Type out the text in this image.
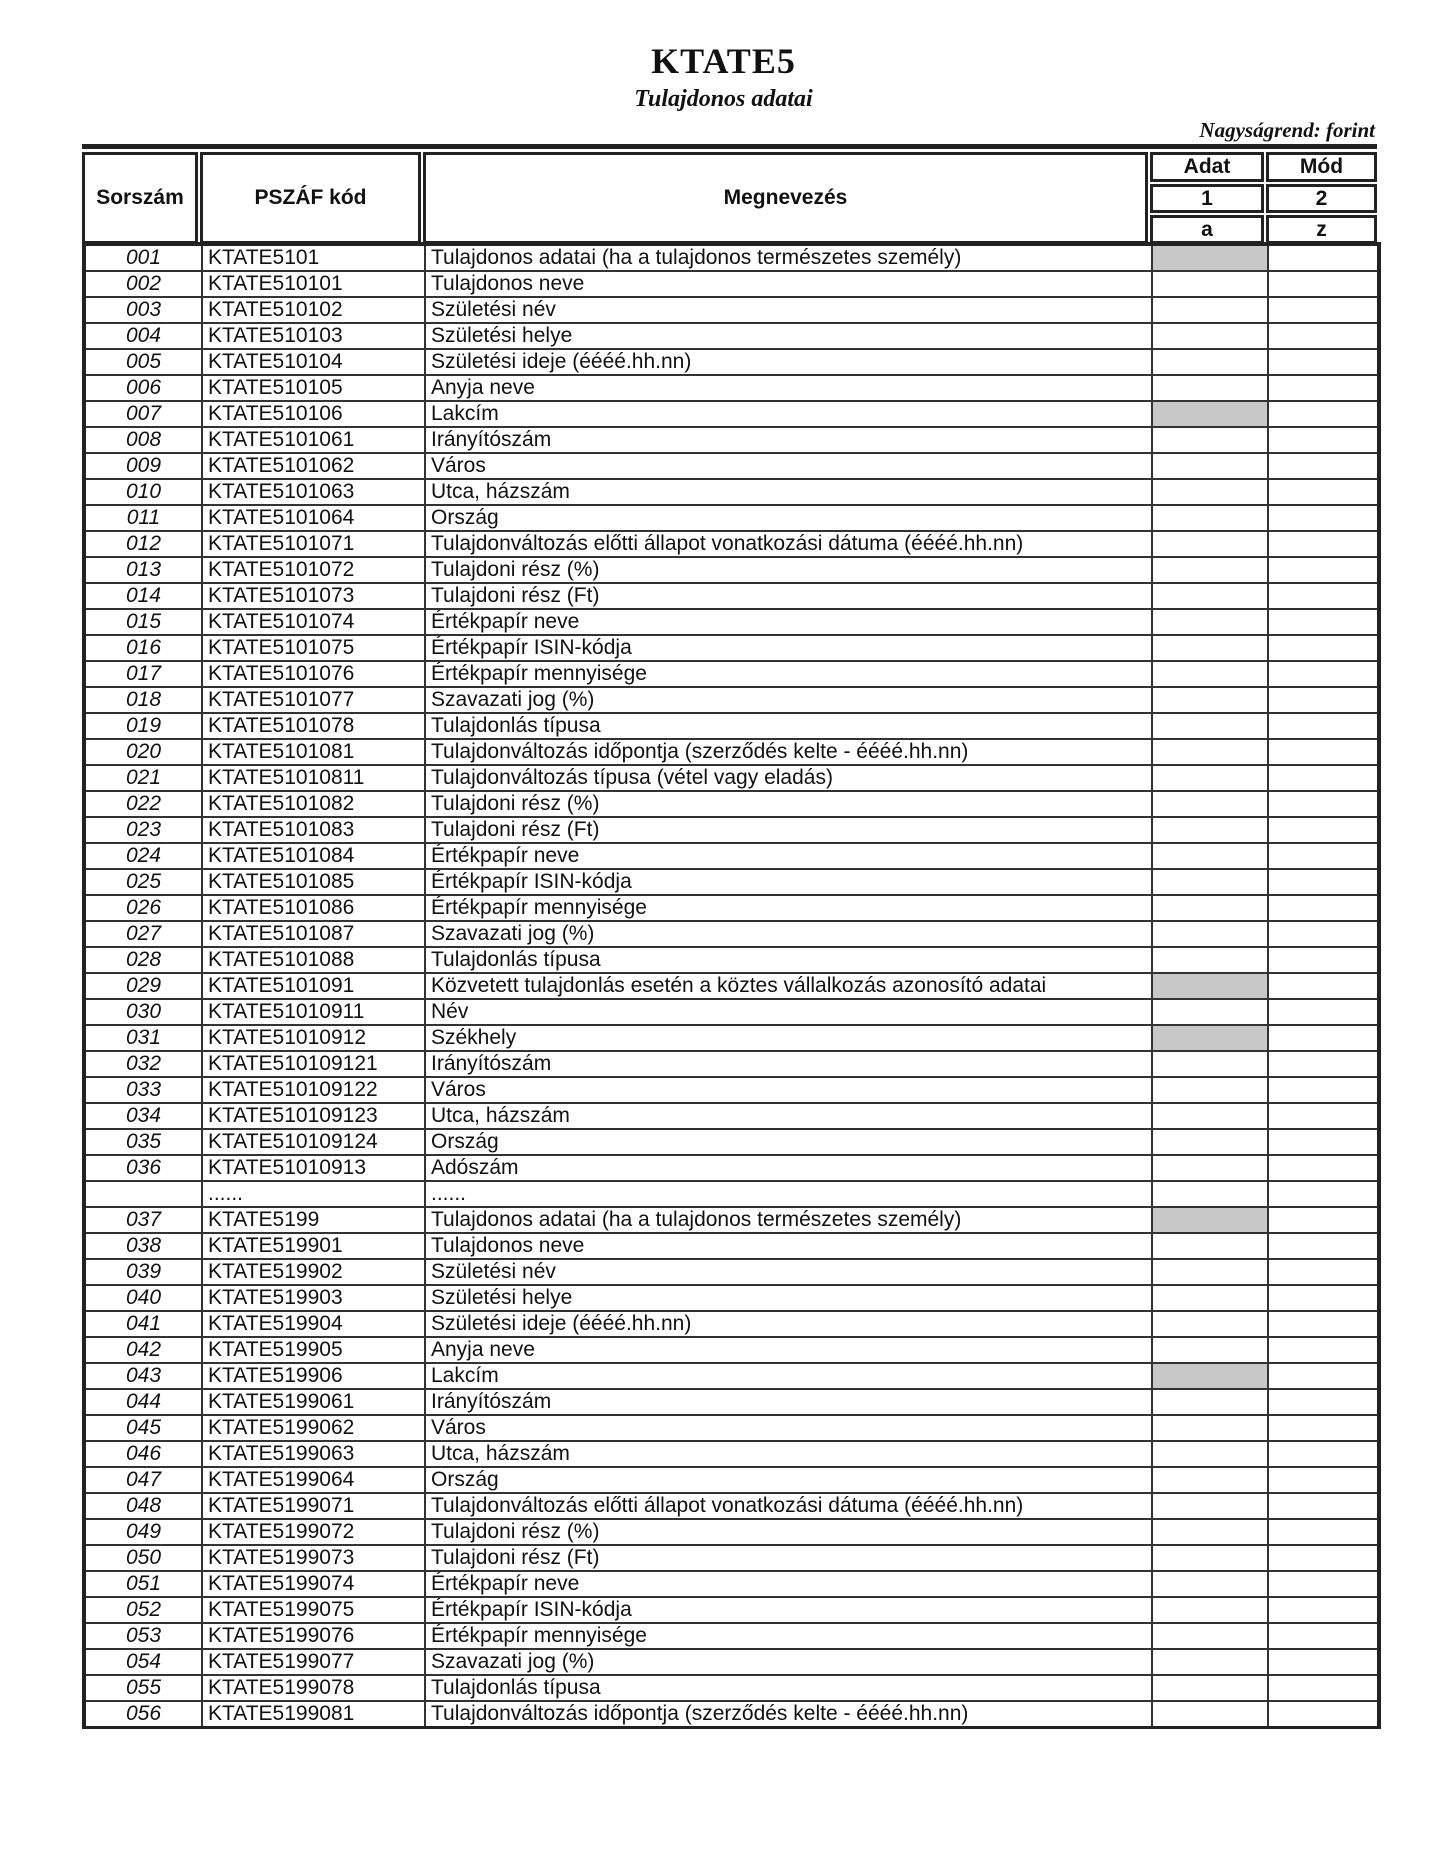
KTATE5
Tulajdonos adatai
Nagyságrend: forint
Sorszám	PSZÁF kód	Megnevezés
Adat	Mód
1	2
a	z
001	KTATE5101	Tulajdonos adatai (ha a tulajdonos természetes személy)		
002	KTATE510101	Tulajdonos neve		
003	KTATE510102	Születési név		
004	KTATE510103	Születési helye		
005	KTATE510104	Születési ideje (éééé.hh.nn)		
006	KTATE510105	Anyja neve		
007	KTATE510106	Lakcím		
008	KTATE5101061	Irányítószám		
009	KTATE5101062	Város		
010	KTATE5101063	Utca, házszám		
011	KTATE5101064	Ország		
012	KTATE5101071	Tulajdonváltozás előtti állapot vonatkozási dátuma (éééé.hh.nn)		
013	KTATE5101072	Tulajdoni rész (%)		
014	KTATE5101073	Tulajdoni rész (Ft)		
015	KTATE5101074	Értékpapír neve		
016	KTATE5101075	Értékpapír ISIN-kódja		
017	KTATE5101076	Értékpapír mennyisége		
018	KTATE5101077	Szavazati jog (%)		
019	KTATE5101078	Tulajdonlás típusa		
020	KTATE5101081	Tulajdonváltozás időpontja (szerződés kelte - éééé.hh.nn)		
021	KTATE51010811	Tulajdonváltozás típusa (vétel vagy eladás)		
022	KTATE5101082	Tulajdoni rész (%)		
023	KTATE5101083	Tulajdoni rész (Ft)		
024	KTATE5101084	Értékpapír neve		
025	KTATE5101085	Értékpapír ISIN-kódja		
026	KTATE5101086	Értékpapír mennyisége		
027	KTATE5101087	Szavazati jog (%)		
028	KTATE5101088	Tulajdonlás típusa		
029	KTATE5101091	Közvetett tulajdonlás esetén a köztes vállalkozás azonosító adatai		
030	KTATE51010911	Név		
031	KTATE51010912	Székhely		
032	KTATE510109121	Irányítószám		
033	KTATE510109122	Város		
034	KTATE510109123	Utca, házszám		
035	KTATE510109124	Ország		
036	KTATE51010913	Adószám		
	......	......		
037	KTATE5199	Tulajdonos adatai (ha a tulajdonos természetes személy)		
038	KTATE519901	Tulajdonos neve		
039	KTATE519902	Születési név		
040	KTATE519903	Születési helye		
041	KTATE519904	Születési ideje (éééé.hh.nn)		
042	KTATE519905	Anyja neve		
043	KTATE519906	Lakcím		
044	KTATE5199061	Irányítószám		
045	KTATE5199062	Város		
046	KTATE5199063	Utca, házszám		
047	KTATE5199064	Ország		
048	KTATE5199071	Tulajdonváltozás előtti állapot vonatkozási dátuma (éééé.hh.nn)		
049	KTATE5199072	Tulajdoni rész (%)		
050	KTATE5199073	Tulajdoni rész (Ft)		
051	KTATE5199074	Értékpapír neve		
052	KTATE5199075	Értékpapír ISIN-kódja		
053	KTATE5199076	Értékpapír mennyisége		
054	KTATE5199077	Szavazati jog (%)		
055	KTATE5199078	Tulajdonlás típusa		
056	KTATE5199081	Tulajdonváltozás időpontja (szerződés kelte - éééé.hh.nn)		
